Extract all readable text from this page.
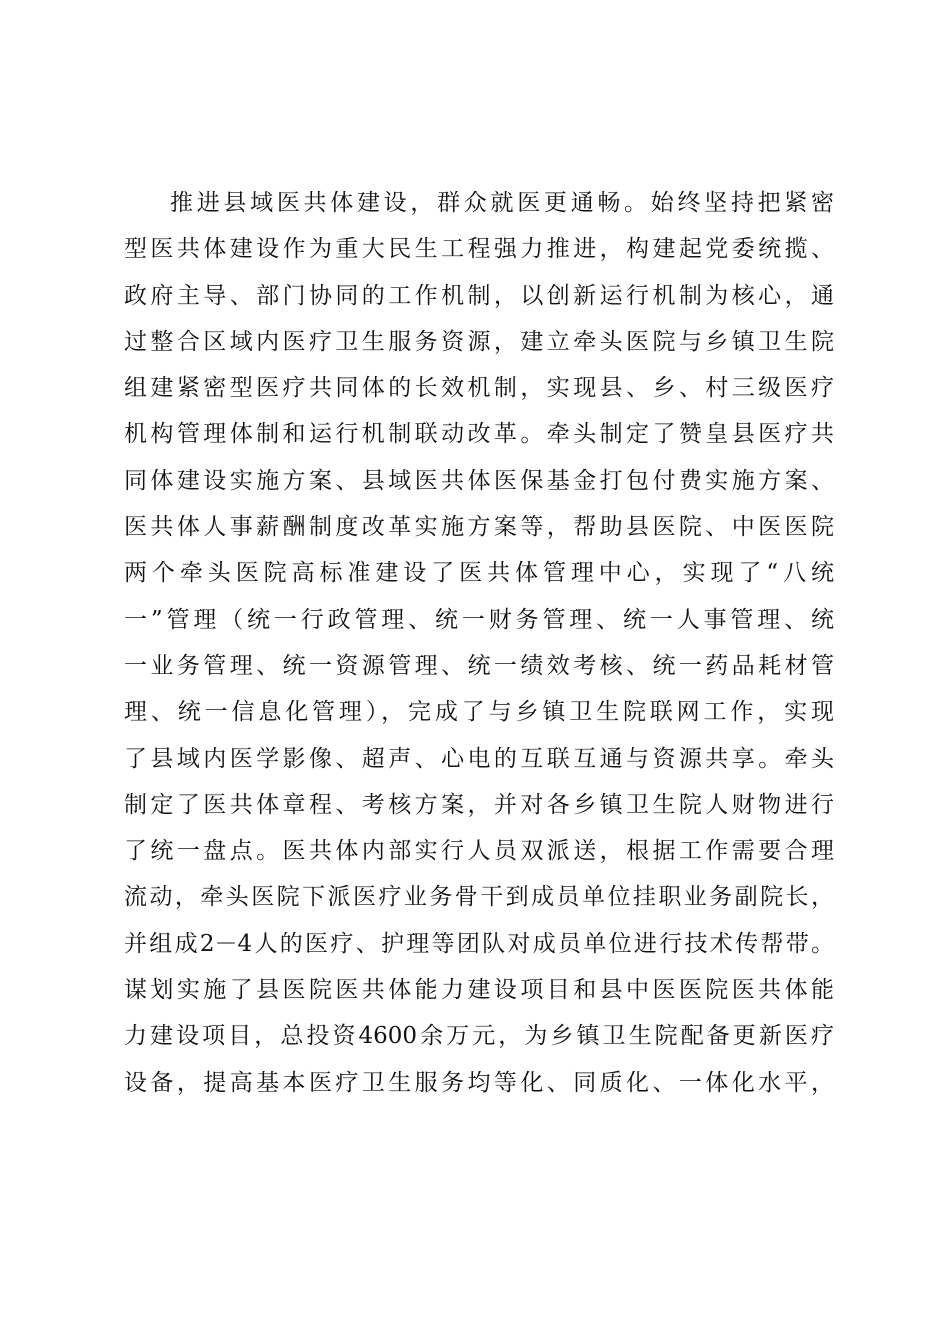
推进县域医共体建设，群众就医更通畅。始终坚持把紧密
型医共体建设作为重大民生工程强力推进，构建起党委统揽、
政府主导、部门协同的工作机制，以创新运行机制为核心，通
过整合区域内医疗卫生服务资源，建立牵头医院与乡镇卫生院
组建紧密型医疗共同体的长效机制，实现县、乡、村三级医疗
机构管理体制和运行机制联动改革。牵头制定了赞皇县医疗共
同体建设实施方案、县域医共体医保基金打包付费实施方案、
医共体人事薪酬制度改革实施方案等，帮助县医院、中医医院
两个牵头医院高标准建设了医共体管理中心，实现了“八统
一”管理（统一行政管理、统一财务管理、统一人事管理、统
一业务管理、统一资源管理、统一绩效考核、统一药品耗材管
理、统一信息化管理），完成了与乡镇卫生院联网工作，实现
了县域内医学影像、超声、心电的互联互通与资源共享。牵头
制定了医共体章程、考核方案，并对各乡镇卫生院人财物进行
了统一盘点。医共体内部实行人员双派送，根据工作需要合理
流动，牵头医院下派医疗业务骨干到成员单位挂职业务副院长，
并组成2－4人的医疗、护理等团队对成员单位进行技术传帮带。
谋划实施了县医院医共体能力建设项目和县中医医院医共体能
力建设项目，总投资4600余万元，为乡镇卫生院配备更新医疗
设备，提高基本医疗卫生服务均等化、同质化、一体化水平，
